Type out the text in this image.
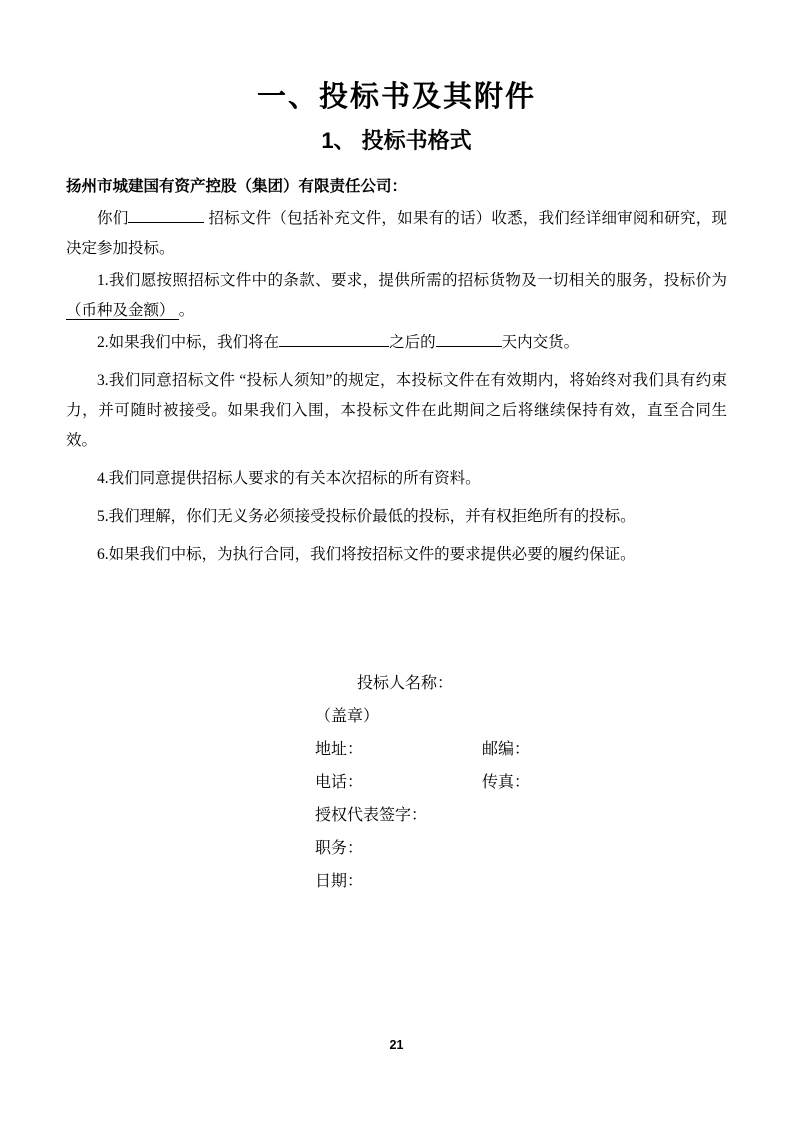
一、投标书及其附件
1、 投标书格式

扬州市城建国有资产控股（集团）有限责任公司：

你们	招标文件（包括补充文件，如果有的话）收悉，我们经详细审阅和研究，现决定参加投标。

1.我们愿按照招标文件中的条款、要求，提供所需的招标货物及一切相关的服务，投标价为（币种及金额） 。

2.如果我们中标，我们将在	之后的	天内交货。

3.我们同意招标文件 “投标人须知”的规定，本投标文件在有效期内，将始终对我们具有约束力，并可随时被接受。如果我们入围，本投标文件在此期间之后将继续保持有效，直至合同生效。

4.我们同意提供招标人要求的有关本次招标的所有资料。

5.我们理解，你们无义务必须接受投标价最低的投标，并有权拒绝所有的投标。

6.如果我们中标，为执行合同，我们将按招标文件的要求提供必要的履约保证。

投标人名称：

（盖章）

地址：	邮编：

电话：	传真：

授权代表签字：

职务：

日期：

21
